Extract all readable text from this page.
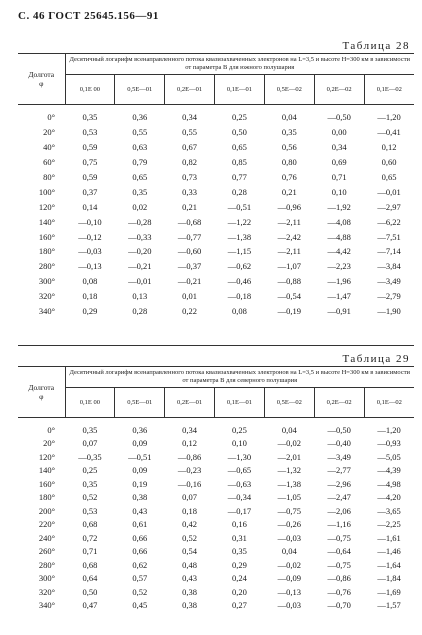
С. 46 ГОСТ 25645.156—91
Таблица 28
Долгота
φ	Десятичный логарифм всенаправленного потока квазизахваченных электронов на L=3,5 и высоте H=300 км в зависимости от параметра B для южного полушария						
	0,1E 00	0,5E—01	0,2E—01	0,1E—01	0,5E—02	0,2E—02	0,1E—02

0°	0,35	0,36	0,34	0,25	0,04	—0,50	—1,20
20°	0,53	0,55	0,55	0,50	0,35	0,00	—0,41
40°	0,59	0,63	0,67	0,65	0,56	0,34	0,12
60°	0,75	0,79	0,82	0,85	0,80	0,69	0,60
80°	0,59	0,65	0,73	0,77	0,76	0,71	0,65
100°	0,37	0,35	0,33	0,28	0,21	0,10	—0,01
120°	0,14	0,02	0,21	—0,51	—0,96	—1,92	—2,97
140°	—0,10	—0,28	—0,68	—1,22	—2,11	—4,08	—6,22
160°	—0,12	—0,33	—0,77	—1,38	—2,42	—4,88	—7,51
180°	—0,03	—0,20	—0,60	—1,15	—2,11	—4,42	—7,14
280°	—0,13	—0,21	—0,37	—0,62	—1,07	—2,23	—3,84
300°	0,08	—0,01	—0,21	—0,46	—0,88	—1,96	—3,49
320°	0,18	0,13	0,01	—0,18	—0,54	—1,47	—2,79
340°	0,29	0,28	0,22	0,08	—0,19	—0,91	—1,90
Таблица 29
Долгота
φ	Десятичный логарифм всенаправленного потока квазизахваченных электронов на L=3,5 и высоте H=300 км в зависимости от параметра B для северного полушария						
	0,1E 00	0,5E—01	0,2E—01	0,1E—01	0,5E—02	0,2E—02	0,1E—02

0°	0,35	0,36	0,34	0,25	0,04	—0,50	—1,20
20°	0,07	0,09	0,12	0,10	—0,02	—0,40	—0,93
120°	—0,35	—0,51	—0,86	—1,30	—2,01	—3,49	—5,05
140°	0,25	0,09	—0,23	—0,65	—1,32	—2,77	—4,39
160°	0,35	0,19	—0,16	—0,63	—1,38	—2,96	—4,98
180°	0,52	0,38	0,07	—0,34	—1,05	—2,47	—4,20
200°	0,53	0,43	0,18	—0,17	—0,75	—2,06	—3,65
220°	0,68	0,61	0,42	0,16	—0,26	—1,16	—2,25
240°	0,72	0,66	0,52	0,31	—0,03	—0,75	—1,61
260°	0,71	0,66	0,54	0,35	0,04	—0,64	—1,46
280°	0,68	0,62	0,48	0,29	—0,02	—0,75	—1,64
300°	0,64	0,57	0,43	0,24	—0,09	—0,86	—1,84
320°	0,50	0,52	0,38	0,20	—0,13	—0,76	—1,69
340°	0,47	0,45	0,38	0,27	—0,03	—0,70	—1,57
